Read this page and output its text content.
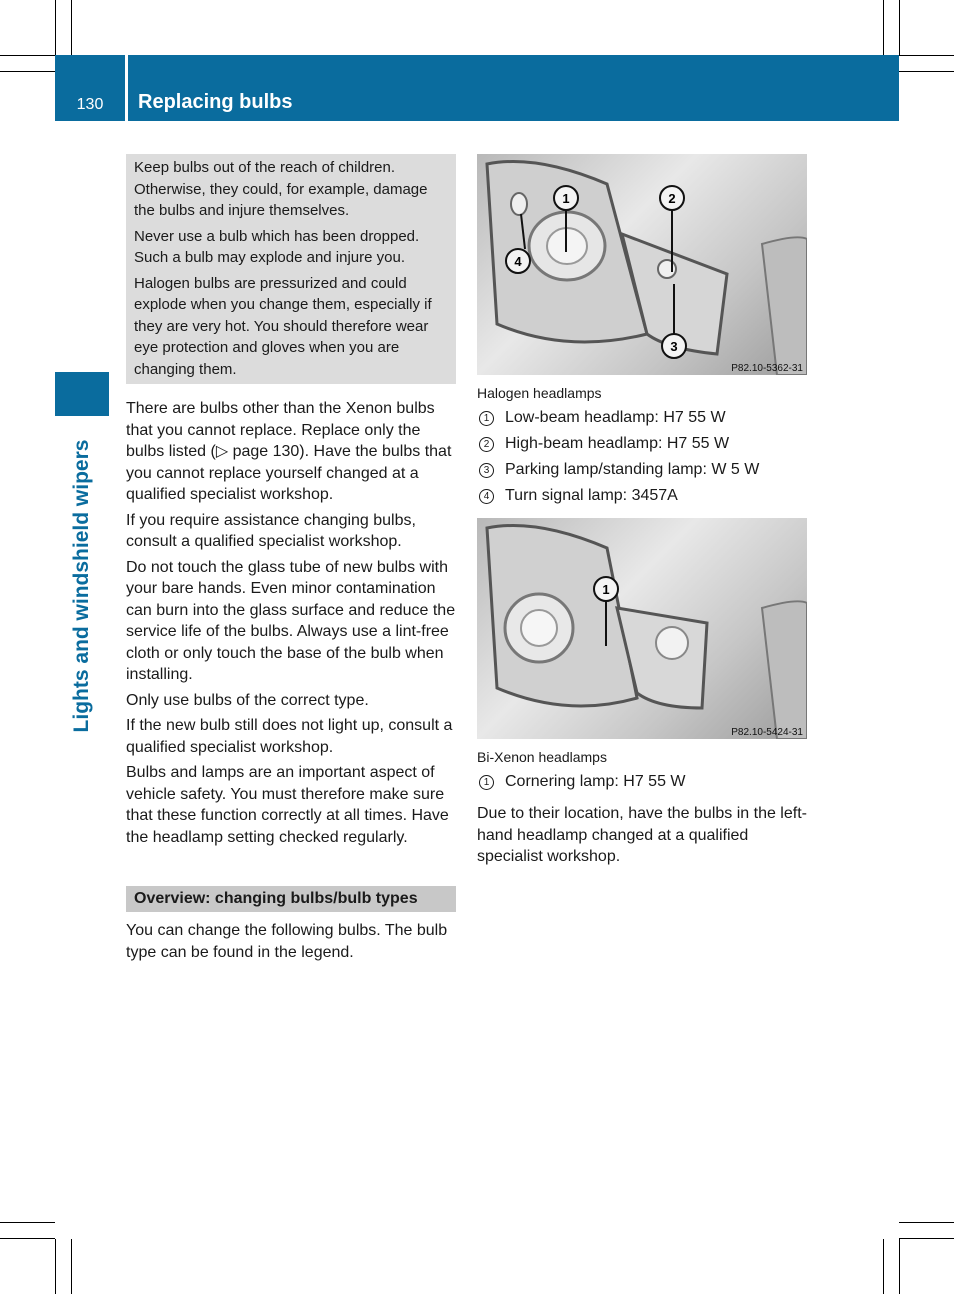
130	Replacing bulbs
Lights and windshield wipers

Keep bulbs out of the reach of children. Otherwise, they could, for example, damage the bulbs and injure themselves.

Never use a bulb which has been dropped. Such a bulb may explode and injure you.

Halogen bulbs are pressurized and could explode when you change them, especially if they are very hot. You should therefore wear eye protection and gloves when you are changing them.

There are bulbs other than the Xenon bulbs that you cannot replace. Replace only the bulbs listed (▷ page 130). Have the bulbs that you cannot replace yourself changed at a qualified specialist workshop.

If you require assistance changing bulbs, consult a qualified specialist workshop.

Do not touch the glass tube of new bulbs with your bare hands. Even minor contamination can burn into the glass surface and reduce the service life of the bulbs. Always use a lint-free cloth or only touch the base of the bulb when installing.

Only use bulbs of the correct type.

If the new bulb still does not light up, consult a qualified specialist workshop.

Bulbs and lamps are an important aspect of vehicle safety. You must therefore make sure that these function correctly at all times. Have the headlamp setting checked regularly.

Overview: changing bulbs/bulb types

You can change the following bulbs. The bulb type can be found in the legend.

1	2
3
4
P82.10-5362-31
Halogen headlamps
1 Low-beam headlamp: H7 55 W
2 High-beam headlamp: H7 55 W
3 Parking lamp/standing lamp: W 5 W
4 Turn signal lamp: 3457A
1
P82.10-5424-31
Bi-Xenon headlamps
1 Cornering lamp: H7 55 W

Due to their location, have the bulbs in the left-hand headlamp changed at a qualified specialist workshop.
